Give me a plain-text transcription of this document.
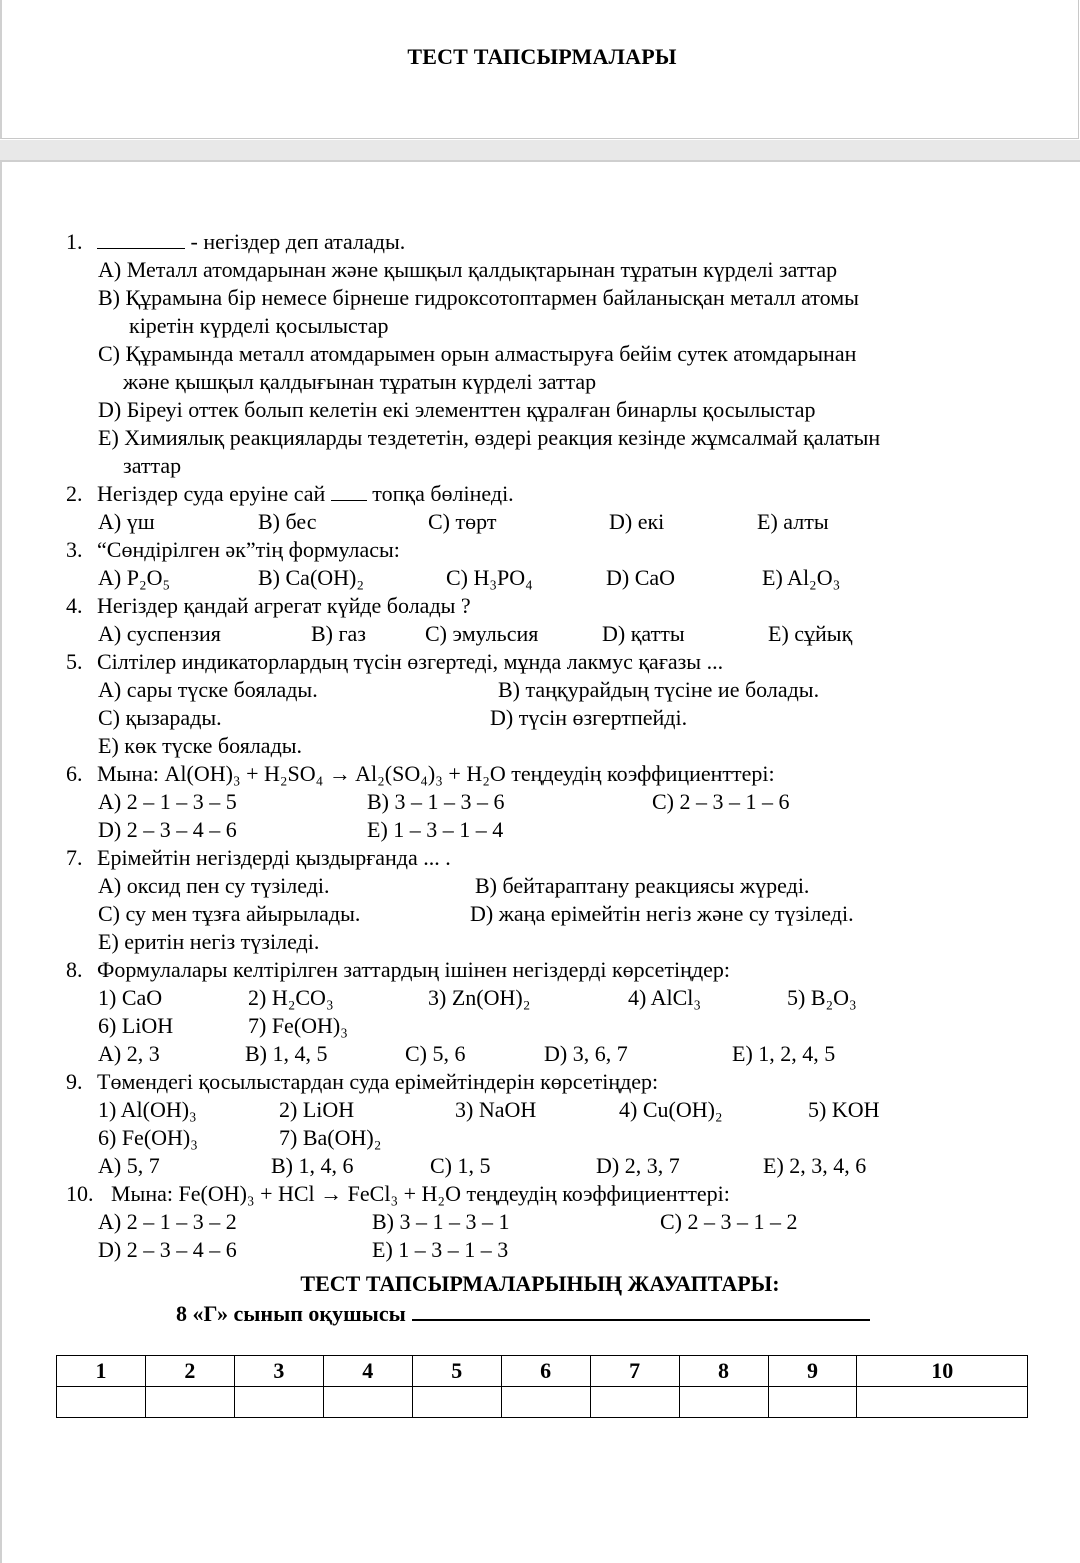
ТЕСТ ТАПСЫРМАЛАРЫ
1.	- негіздер деп аталады.
A) Металл атомдарынан және қышқыл қалдықтарынан тұратын күрделі заттар
B) Құрамына бір немесе бірнеше гидроксотоптармен байланысқан металл атомы
кіретін күрделі қосылыстар
C) Құрамында металл атомдарымен орын алмастыруға бейім сутек атомдарынан
және қышқыл қалдығынан тұратын күрделі заттар
D) Біреуі оттек болып келетін екі элементтен құралған бинарлы қосылыстар
E) Химиялық реакцияларды тездететін, өздері реакция кезінде жұмсалмай қалатын
заттар
2. Негіздер суда еруіне сай топқа бөлінеді.
A) үш	B) бес	C) төрт	D) екі	E) алты
3. “Сөндірілген әк”тің формуласы:
A) P₂O₅	B) Ca(OH)₂	C) H₃PO₄	D) CaO	E) Al₂O₃
4. Негіздер қандай агрегат күйде болады ?
A) суспензия	B) газ	C) эмульсия	D) қатты	E) сұйық
5. Сілтілер индикаторлардың түсін өзгертеді, мұнда лакмус қағазы ...
A) сары түске боялады.	B) таңқурайдың түсіне ие болады.
C) қызарады.	D) түсін өзгертпейді.
E) көк түске боялады.
6. Мына: Al(OH)₃ + H₂SO₄ → Al₂(SO₄)₃ + H₂O теңдеудің коэффициенттері:
A) 2 – 1 – 3 – 5	B) 3 – 1 – 3 – 6	C) 2 – 3 – 1 – 6
D) 2 – 3 – 4 – 6	E) 1 – 3 – 1 – 4
7. Ерімейтін негіздерді қыздырғанда ... .
A) оксид пен су түзіледі.	B) бейтараптану реакциясы жүреді.
C) су мен тұзға айырылады.	D) жаңа ерімейтін негіз және су түзіледі.
E) еритін негіз түзіледі.
8. Формулалары келтірілген заттардың ішінен негіздерді көрсетіңдер:
1) CaO	2) H₂CO₃	3) Zn(OH)₂	4) AlCl₃	5) B₂O₃
6) LiOH	7) Fe(OH)₃
A) 2, 3	B) 1, 4, 5	C) 5, 6	D) 3, 6, 7	E) 1, 2, 4, 5
9. Төмендегі қосылыстардан суда ерімейтіндерін көрсетіңдер:
1) Al(OH)₃	2) LiOH	3) NaOH	4) Cu(OH)₂	5) KOH
6) Fe(OH)₃	7) Ba(OH)₂
A) 5, 7	B) 1, 4, 6	C) 1, 5	D) 2, 3, 7	E) 2, 3, 4, 6
10. Мына: Fe(OH)₃ + HCl → FeCl₃ + H₂O теңдеудің коэффициенттері:
A) 2 – 1 – 3 – 2	B) 3 – 1 – 3 – 1	C) 2 – 3 – 1 – 2
D) 2 – 3 – 4 – 6	E) 1 – 3 – 1 – 3
ТЕСТ ТАПСЫРМАЛАРЫНЫҢ ЖАУАПТАРЫ:
8 «Г» сынып оқушысы
1	2	3	4	5	6	7	8	9	10
